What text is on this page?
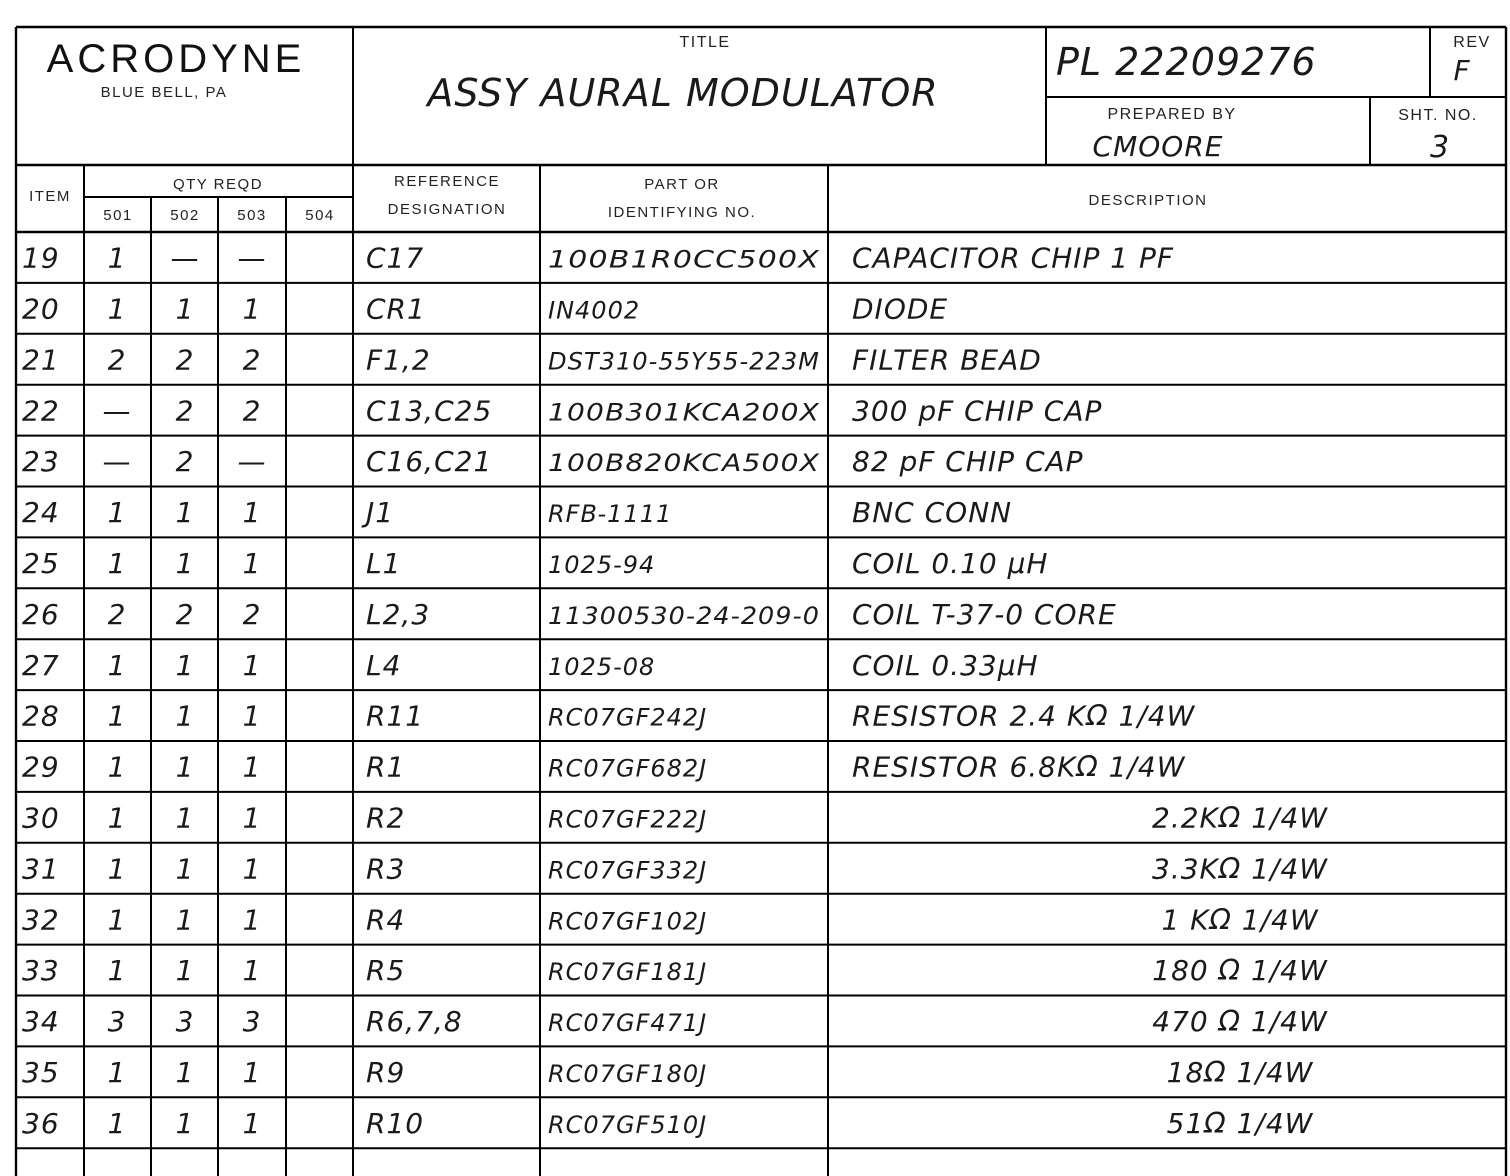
ACRODYNE
BLUE BELL, PA
TITLE
ASSY AURAL MODULATOR
PL 22209276	REV
F
PREPARED BY
CMOORE
SHT. NO.
3
ITEM
QTY REQD
501 502 503	504
REFERENCE
DESIGNATION
PART OR
IDENTIFYING NO.
DESCRIPTION
19 1 — —	C17	100B1R0CC500X CAPACITOR CHIP 1 PF
20 1 1 1	CR1	IN4002	DIODE
21 2 2 2	F1,2	DST310-55Y55-223M FILTER BEAD
22 — 2 2	C13,C25 100B301KCA200X 300 pF CHIP CAP
23 — 2 —	C16,C21 100B820KCA500X 82 pF CHIP CAP
24 1 1 1	J1	RFB-1111	BNC CONN
25 1 1 1	L1	1025-94	COIL 0.10 μH
26 2 2 2	L2,3	11300530-24-209-0 COIL T-37-0 CORE
27 1 1 1	L4	1025-08	COIL 0.33μH
28 1 1 1	R11	RC07GF242J	RESISTOR 2.4 KΩ 1/4W
29 1 1 1	R1	RC07GF682J	RESISTOR 6.8KΩ 1/4W
30 1 1 1	R2	RC07GF222J	2.2KΩ 1/4W
31 1 1 1	R3	RC07GF332J	3.3KΩ 1/4W
32 1 1 1	R4	RC07GF102J	1 KΩ 1/4W
33 1 1 1	R5	RC07GF181J	180 Ω 1/4W
34 3 3 3	R6,7,8	RC07GF471J	470 Ω 1/4W
35 1 1 1	R9	RC07GF180J	18Ω 1/4W
36 1 1 1	R10	RC07GF510J	51Ω 1/4W
